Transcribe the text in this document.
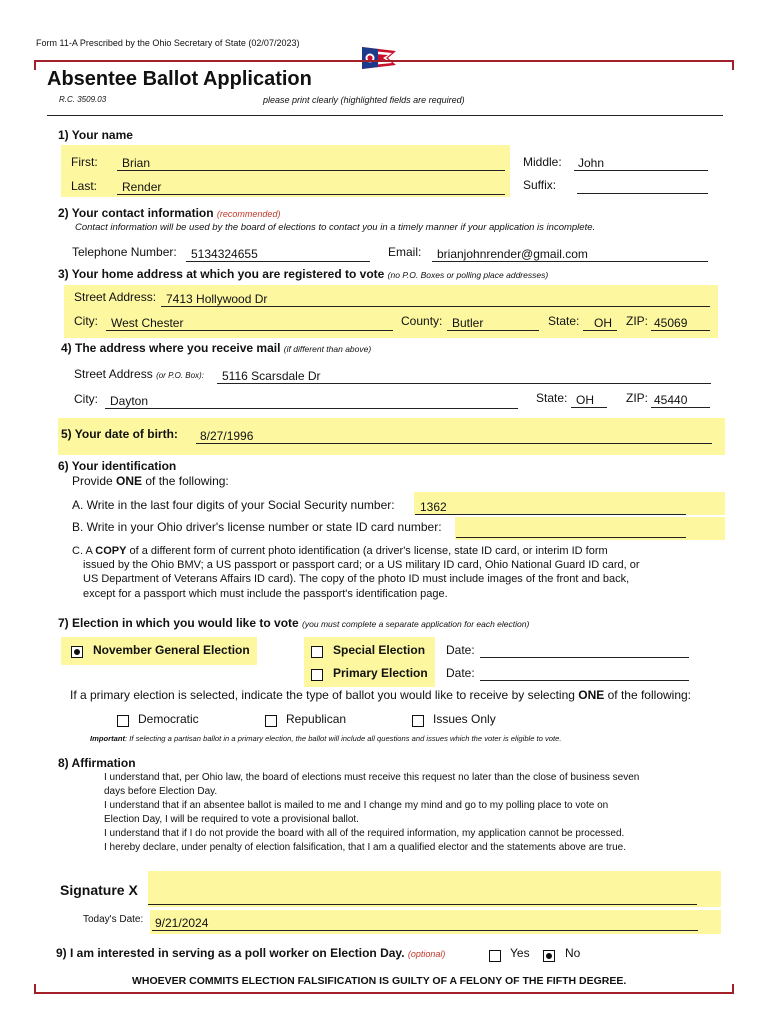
Form 11-A Prescribed by the Ohio Secretary of State (02/07/2023)
Absentee Ballot Application
R.C. 3509.03	please print clearly (highlighted fields are required)
1) Your name
First: Brian
Last: Render
Middle: John
Suffix:
2) Your contact information (recommended)
Contact information will be used by the board of elections to contact you in a timely manner if your application is incomplete.
Telephone Number: 5134324655	Email: brianjohnrender@gmail.com
3) Your home address at which you are registered to vote (no P.O. Boxes or polling place addresses)
Street Address: 7413 Hollywood Dr
City: West Chester	County: Butler	State: OH ZIP: 45069
4) The address where you receive mail (if different than above)
Street Address (or P.O. Box): 5116 Scarsdale Dr
City: Dayton	State: OH	ZIP: 45440
5) Your date of birth: 8/27/1996
6) Your identification
Provide ONE of the following:
A. Write in the last four digits of your Social Security number: 1362
B. Write in your Ohio driver's license number or state ID card number:
C. A COPY of a different form of current photo identification (a driver's license, state ID card, or interim ID form
issued by the Ohio BMV; a US passport or passport card; or a US military ID card, Ohio National Guard ID card, or
US Department of Veterans Affairs ID card). The copy of the photo ID must include images of the front and back,
except for a passport which must include the passport's identification page.
7) Election in which you would like to vote (you must complete a separate application for each election)
November General Election	Special Election Date:
Primary Election Date:
If a primary election is selected, indicate the type of ballot you would like to receive by selecting ONE of the following:
Democratic	Republican	Issues Only
Important: If selecting a partisan ballot in a primary election, the ballot will include all questions and issues which the voter is eligible to vote.
8) Affirmation
I understand that, per Ohio law, the board of elections must receive this request no later than the close of business seven
days before Election Day.
I understand that if an absentee ballot is mailed to me and I change my mind and go to my polling place to vote on
Election Day, I will be required to vote a provisional ballot.
I understand that if I do not provide the board with all of the required information, my application cannot be processed.
I hereby declare, under penalty of election falsification, that I am a qualified elector and the statements above are true.
Signature X
Today's Date: 9/21/2024
9) I am interested in serving as a poll worker on Election Day. (optional)	Yes	No
WHOEVER COMMITS ELECTION FALSIFICATION IS GUILTY OF A FELONY OF THE FIFTH DEGREE.
